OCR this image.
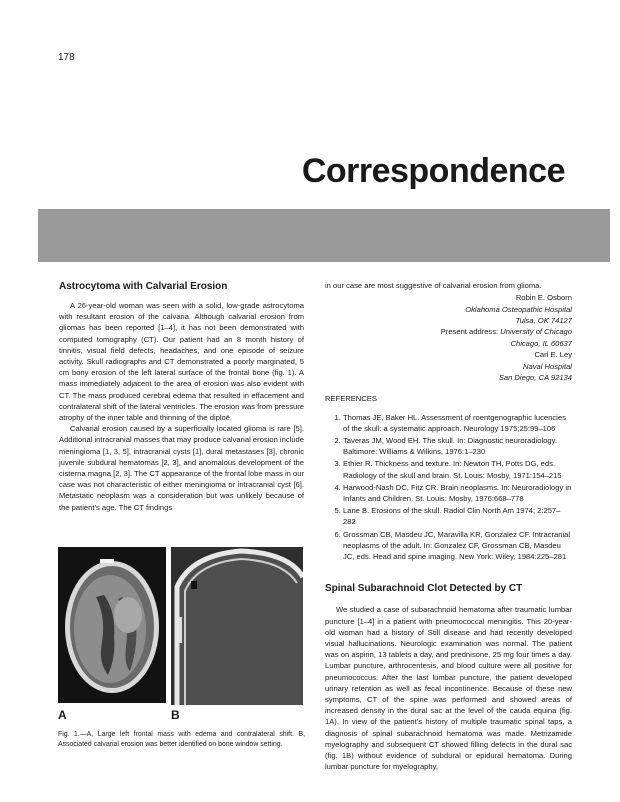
178
Correspondence
Astrocytoma with Calvarial Erosion

A 26-year-old woman was seen with a solid, low-grade astrocytoma with resultant erosion of the calvaria. Although calvarial erosion from gliomas has been reported [1–4], it has not been demonstrated with computed tomography (CT). Our patient had an 8 month history of tinnitis, visual field defects, headaches, and one episode of seizure activity. Skull radiographs and CT demonstrated a poorly marginated, 5 cm bony erosion of the left lateral surface of the frontal bone (fig. 1). A mass immediately adjacent to the area of erosion was also evident with CT. The mass produced cerebral edema that resulted in effacement and contralateral shift of the lateral ventricles. The erosion was from pressure atrophy of the inner table and thinning of the diploë.

Calvarial erosion caused by a superficially located glioma is rare [5]. Additional intracranial masses that may produce calvarial erosion include meningioma [1, 3, 5], intracranial cysts [1], dural metastases [3], chronic juvenile subdural hematomas [2, 3], and anomalous development of the cisterna magna [2, 3]. The CT appearance of the frontal lobe mass in our case was not characteristic of either meningioma or intracranial cyst [6]. Metastatic neoplasm was a consideration but was unlikely because of the patient’s age. The CT findings

A	B
Fig. 1.—A, Large left frontal mass with edema and contralateral shift. B, Associated calvarial erosion was better identified on bone window setting.
in our case are most suggestive of calvarial erosion from glioma.
Robin E. Osborn
Oklahoma Osteopathic Hospital
Tulsa, OK 74127
Present address: University of Chicago
Chicago, IL 60637
Carl E. Ley
Naval Hospital
San Diego, CA 92134
REFERENCES
1. Thomas JE, Baker HL. Assessment of roentgenographic lucencies of the skull: a systematic approach. Neurology 1975;25:99–106
2. Taveras JM, Wood EH. The skull. In: Diagnostic neuroradiology. Baltimore: Williams & Wilkins, 1976:1–230
3. Ethier R. Thickness and texture. In: Newton TH, Potts DG, eds. Radiology of the skull and brain. St. Louis: Mosby, 1971:154–215
4. Harwood-Nash DC, Fitz CR. Brain neoplasms. In: Neuroradiology in Infants and Children. St. Louis: Mosby, 1976:668–778
5. Lane B. Erosions of the skull. Radiol Clin North Am 1974; 2:257–282
6. Grossman CB, Masdeu JC, Maravilla KR, Gonzalez CF. Intracranial neoplasms of the adult. In: Gonzalez CF, Grossman CB, Masdeu JC, eds. Head and spine imaging. New York: Wiley, 1984:225–281
Spinal Subarachnoid Clot Detected by CT

We studied a case of subarachnoid hematoma after traumatic lumbar puncture [1–4] in a patient with pneumococcal meningitis. This 20-year-old woman had a history of Still disease and had recently developed visual hallucinations. Neurologic examination was normal. The patient was on aspirin, 13 tablets a day, and prednisone, 25 mg four times a day. Lumbar puncture, arthrocentesis, and blood culture were all positive for pneumococcus. After the last lumbar puncture, the patient developed urinary retention as well as fecal incontinence. Because of these new symptoms, CT of the spine was performed and showed areas of increased density in the dural sac at the level of the cauda equina (fig. 1A). In view of the patient’s history of multiple traumatic spinal taps, a diagnosis of spinal subarachnoid hematoma was made. Metrizamide myelography and subsequent CT showed filling defects in the dural sac (fig. 1B) without evidence of subdural or epidural hematoma. During lumbar puncture for myelography,
